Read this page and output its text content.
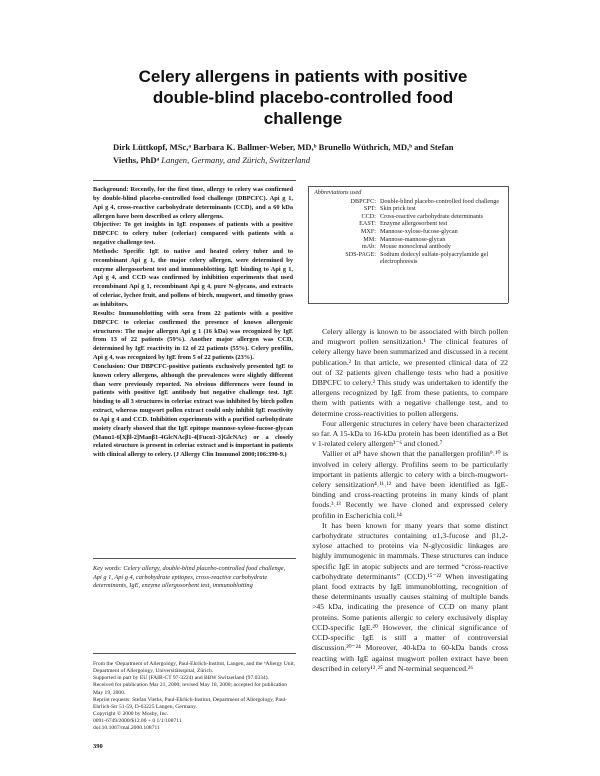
Celery allergens in patients with positive double-blind placebo-controlled food challenge
Dirk Lüttkopf, MSc,ᵃ Barbara K. Ballmer-Weber, MD,ᵇ Brunello Wüthrich, MD,ᵇ and Stefan Vieths, PhDᵃ Langen, Germany, and Zürich, Switzerland

Background: Recently, for the first time, allergy to celery was confirmed by double-blind placebo-controlled food challenge (DBPCFC). Api g 1, Api g 4, cross-reactive carbohydrate determinants (CCD), and a 60 kDa allergen have been described as celery allergens.

Objective: To get insights in IgE responses of patients with a positive DBPCFC to celery tuber (celeriac) compared with patients with a negative challenge test.

Methods: Specific IgE to native and heated celery tuber and to recombinant Api g 1, the major celery allergen, were determined by enzyme allergosorbent test and immunoblotting. IgE binding to Api g 1, Api g 4, and CCD was confirmed by inhibition experiments that used recombinant Api g 1, recombinant Api g 4, pure N-glycans, and extracts of celeriac, lychee fruit, and pollens of birch, mugwort, and timothy grass as inhibitors.

Results: Immunoblotting with sera from 22 patients with a positive DBPCFC to celeriac confirmed the presence of known allergenic structures: The major allergen Api g 1 (16 kDa) was recognized by IgE from 13 of 22 patients (59%). Another major allergen was CCD, determined by IgE reactivity in 12 of 22 patients (55%). Celery profilin, Api g 4, was recognized by IgE from 5 of 22 patients (23%).

Conclusion: Our DBPCFC-positive patients exclusively presented IgE to known celery allergens, although the prevalences were slightly different than were previously reported. No obvious differences were found in patients with positive IgE antibody but negative challenge test. IgE binding to all 3 structures in celeriac extract was inhibited by birch pollen extract, whereas mugwort pollen extract could only inhibit IgE reactivity to Api g 4 and CCD. Inhibition experiments with a purified carbohydrate moiety clearly showed that the IgE epitope mannose-xylose-fucose-glycan (Manα1-6[Xβl-2]Manβ1-4GlcNAcβ1-4[Fucα1-3]GlcNAc) or a closely related structure is present in celeriac extract and is important in patients with clinical allergy to celery. (J Allergy Clin Immunol 2000;106:390-9.)

Key words: Celery allergy, double-blind placebo-controlled food challenge, Api g 1, Api g 4, carbohydrate epitopes, cross-reactive carbohydrate determinants, IgE, enzyme allergosorbent test, immunoblotting

From the ᵃDepartment of Allergology, Paul-Ehrlich-Institut, Langen, and the ᵇAllergy Unit, Department of Allergology, Universitätsspital, Zürich.

Supported in part by EU (FAIR-CT 97-3224) and BBW Switzerland (97.0334).

Received for publication Mar 21, 2000; revised May 18, 2000; accepted for publication May 19, 2000.

Reprint requests: Stefan Vieths, Paul-Ehrlich-Institut, Department of Allergology, Paul-Ehrlich-Str 51-59, D-63225 Langen, Germany.

Copyright © 2000 by Mosby, Inc.

0091-6749/2000/$12.00 + 0 1/1/108711

doi:10.1067/mai.2000.108711

390
Abbreviations used
DBPCFC: Double-blind placebo-controlled food challenge
SPT: Skin prick test
CCD: Cross-reactive carbohydrate determinants
EAST: Enzyme allergosorbent test
MXF: Mannose-xylose-fucose-glycan
MM: Mannose-mannose-glycan
mAb: Mouse monoclonal antibody
SDS-PAGE: Sodium dodecyl sulfate-polyacrylamide gel electrophoresis

Celery allergy is known to be associated with birch pollen and mugwort pollen sensitization.¹ The clinical features of celery allergy have been summarized and discussed in a recent publication.² In that article, we presented clinical data of 22 out of 32 patients given challenge tests who had a positive DBPCFC to celery.² This study was undertaken to identify the allergens recognized by IgE from these patients, to compare them with patients with a negative challenge test, and to determine cross-reactivities to pollen allergens.

Four allergenic structures in celery have been characterized so far. A 15-kDa to 16-kDa protein has been identified as a Bet v 1-related celery allergen³⁻⁶ and cloned.⁷

Vallier et al⁸ have shown that the panallergen profilin⁹˒¹⁰ is involved in celery allergy. Profilins seem to be particularly important in patients allergic to celery with a birch-mugwort-celery sensitization⁴˒¹¹˒¹² and have been identified as IgE-binding and cross-reacting proteins in many kinds of plant foods.³˒¹³ Recently we have cloned and expressed celery profilin in Escherichia coli.¹⁴

It has been known for many years that some distinct carbohydrate structures containing α1,3-fucose and β1,2-xylose attached to proteins via N-glycosidic linkages are highly immunogenic in mammals. These structures can induce specific IgE in atopic subjects and are termed “cross-reactive carbohydrate determinants” (CCD).¹⁵⁻²² When investigating plant food extracts by IgE immunoblotting, recognition of these determinants usually causes staining of multiple bands >45 kDa, indicating the presence of CCD on many plant proteins. Some patients allergic to celery exclusively display CCD-specific IgE.²⁰ However, the clinical significance of CCD-specific IgE is still a matter of controversial discussion.²⁰⁻²⁴ Moreover, 40-kDa to 60-kDa bands cross reacting with IgE against mugwort pollen extract have been described in celery¹²˒²⁵ and N-terminal sequenced.²⁶
